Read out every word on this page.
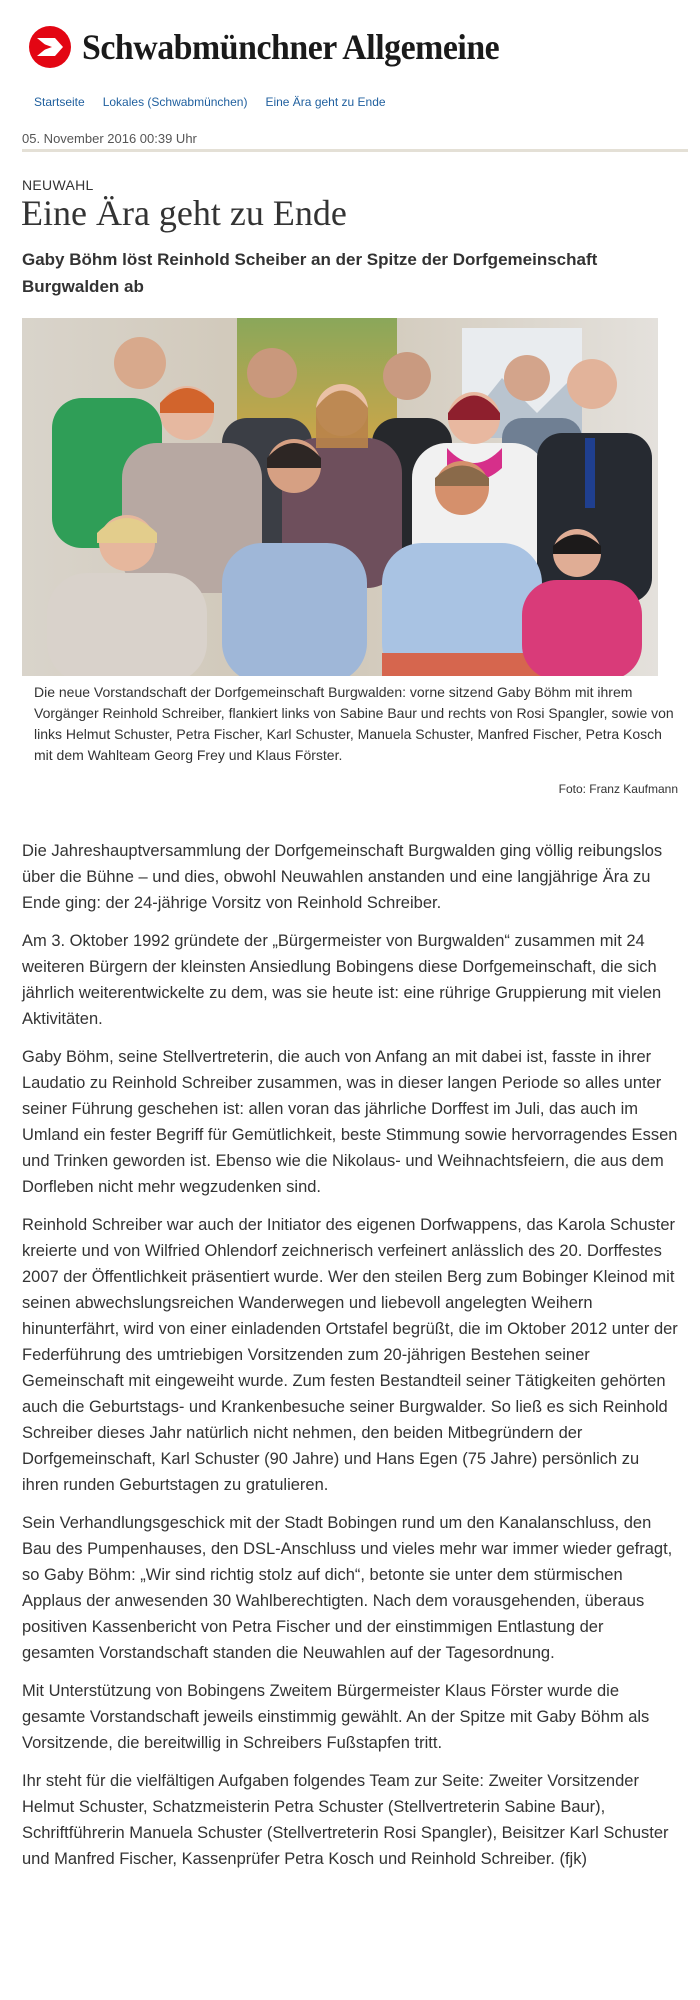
Schwabmünchner Allgemeine
Startseite Lokales (Schwabmünchen) Eine Ära geht zu Ende
05. November 2016 00:39 Uhr
NEUWAHL
Eine Ära geht zu Ende
Gaby Böhm löst Reinhold Scheiber an der Spitze der Dorfgemeinschaft Burgwalden ab
Die neue Vorstandschaft der Dorfgemeinschaft Burgwalden: vorne sitzend Gaby Böhm mit ihrem Vorgänger Reinhold Schreiber, flankiert links von Sabine Baur und rechts von Rosi Spangler, sowie von links Helmut Schuster, Petra Fischer, Karl Schuster, Manuela Schuster, Manfred Fischer, Petra Kosch mit dem Wahlteam Georg Frey und Klaus Förster.
Foto: Franz Kaufmann

Die Jahreshauptversammlung der Dorfgemeinschaft Burgwalden ging völlig reibungslos über die Bühne – und dies, obwohl Neuwahlen anstanden und eine langjährige Ära zu Ende ging: der 24-jährige Vorsitz von Reinhold Schreiber.

Am 3. Oktober 1992 gründete der „Bürgermeister von Burgwalden“ zusammen mit 24 weiteren Bürgern der kleinsten Ansiedlung Bobingens diese Dorfgemeinschaft, die sich jährlich weiterentwickelte zu dem, was sie heute ist: eine rührige Gruppierung mit vielen Aktivitäten.

Gaby Böhm, seine Stellvertreterin, die auch von Anfang an mit dabei ist, fasste in ihrer Laudatio zu Reinhold Schreiber zusammen, was in dieser langen Periode so alles unter seiner Führung geschehen ist: allen voran das jährliche Dorffest im Juli, das auch im Umland ein fester Begriff für Gemütlichkeit, beste Stimmung sowie hervorragendes Essen und Trinken geworden ist. Ebenso wie die Nikolaus- und Weihnachtsfeiern, die aus dem Dorfleben nicht mehr wegzudenken sind.

Reinhold Schreiber war auch der Initiator des eigenen Dorfwappens, das Karola Schuster kreierte und von Wilfried Ohlendorf zeichnerisch verfeinert anlässlich des 20. Dorffestes 2007 der Öffentlichkeit präsentiert wurde. Wer den steilen Berg zum Bobinger Kleinod mit seinen abwechslungsreichen Wanderwegen und liebevoll angelegten Weihern hinunterfährt, wird von einer einladenden Ortstafel begrüßt, die im Oktober 2012 unter der Federführung des umtriebigen Vorsitzenden zum 20-jährigen Bestehen seiner Gemeinschaft mit eingeweiht wurde. Zum festen Bestandteil seiner Tätigkeiten gehörten auch die Geburtstags- und Krankenbesuche seiner Burgwalder. So ließ es sich Reinhold Schreiber dieses Jahr natürlich nicht nehmen, den beiden Mitbegründern der Dorfgemeinschaft, Karl Schuster (90 Jahre) und Hans Egen (75 Jahre) persönlich zu ihren runden Geburtstagen zu gratulieren.

Sein Verhandlungsgeschick mit der Stadt Bobingen rund um den Kanalanschluss, den Bau des Pumpenhauses, den DSL-Anschluss und vieles mehr war immer wieder gefragt, so Gaby Böhm: „Wir sind richtig stolz auf dich“, betonte sie unter dem stürmischen Applaus der anwesenden 30 Wahlberechtigten. Nach dem vorausgehenden, überaus positiven Kassenbericht von Petra Fischer und der einstimmigen Entlastung der gesamten Vorstandschaft standen die Neuwahlen auf der Tagesordnung.

Mit Unterstützung von Bobingens Zweitem Bürgermeister Klaus Förster wurde die gesamte Vorstandschaft jeweils einstimmig gewählt. An der Spitze mit Gaby Böhm als Vorsitzende, die bereitwillig in Schreibers Fußstapfen tritt.

Ihr steht für die vielfältigen Aufgaben folgendes Team zur Seite: Zweiter Vorsitzender Helmut Schuster, Schatzmeisterin Petra Schuster (Stellvertreterin Sabine Baur), Schriftführerin Manuela Schuster (Stellvertreterin Rosi Spangler), Beisitzer Karl Schuster und Manfred Fischer, Kassenprüfer Petra Kosch und Reinhold Schreiber. (fjk)
